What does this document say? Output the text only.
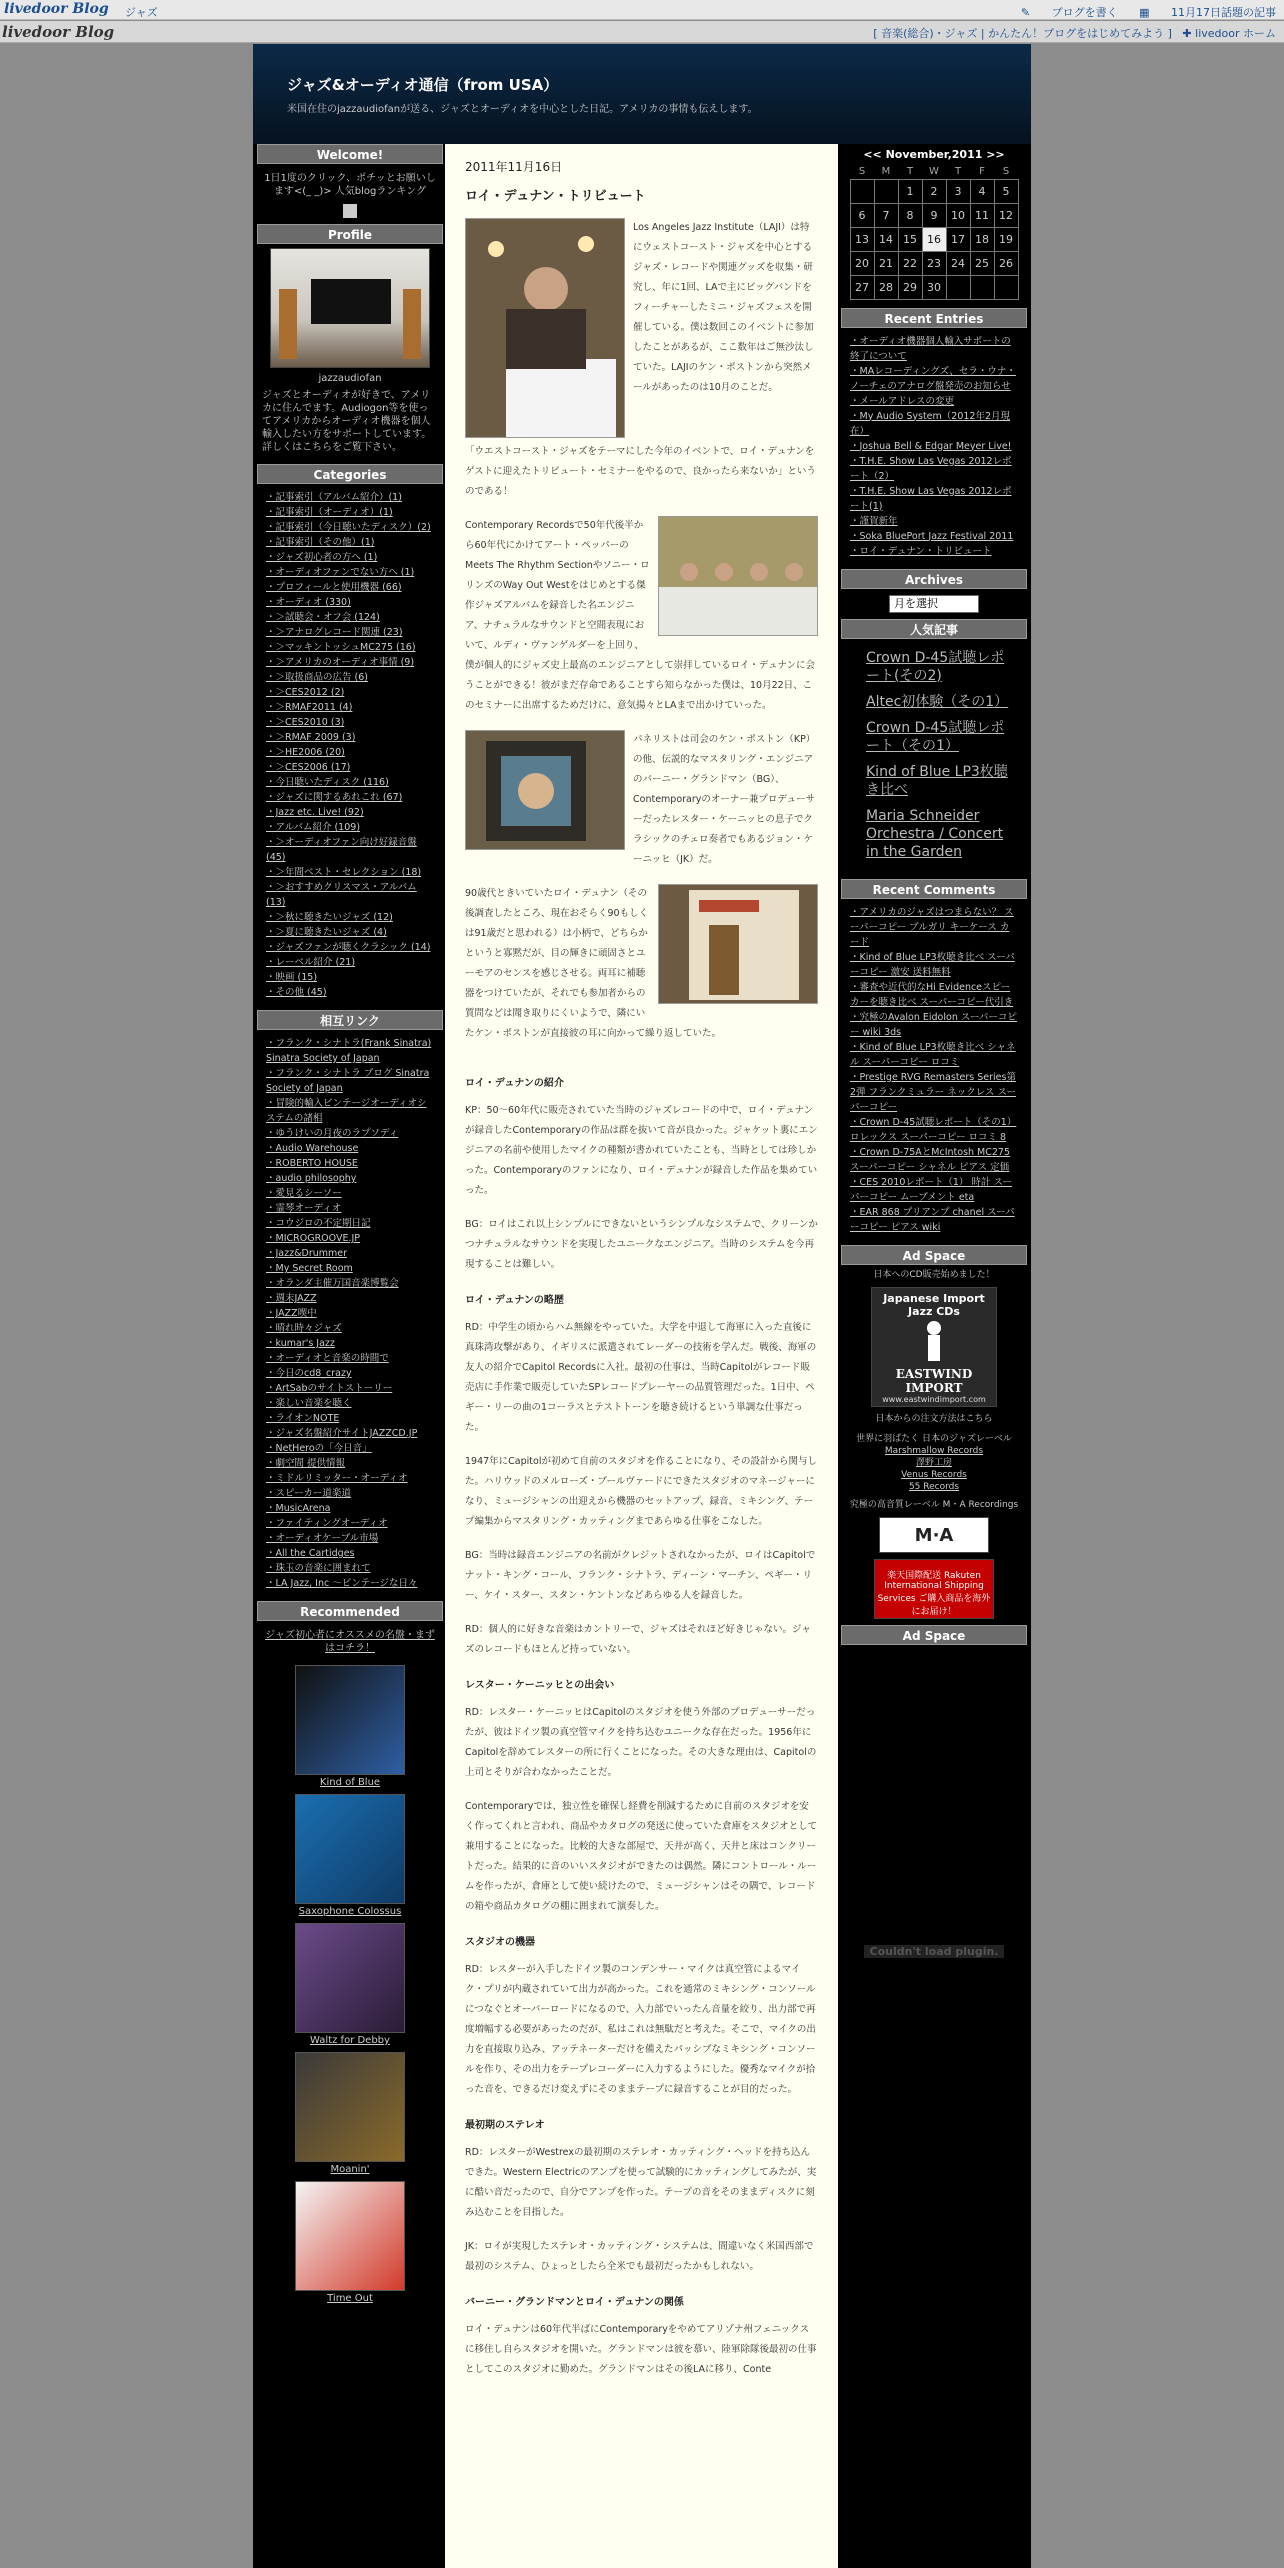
livedoor Blog ジャズ	✎ ブログを書く ▦ 11月17日話題の記事
livedoor Blog	[ 音楽(総合)・ジャズ | かんたん！ブログをはじめてみよう ] ✚ livedoor ホーム
ジャズ&オーディオ通信（from USA）
米国在住のjazzaudiofanが送る、ジャズとオーディオを中心とした日記。アメリカの事情も伝えします。
Welcome!
1日1度のクリック、ポチッとお願いします<(_ _)> 人気blogランキング
Profile
jazzaudiofan
ジャズとオーディオが好きで、アメリカに住んでます。Audiogon等を使ってアメリカからオーディオ機器を個人輸入したい方をサポートしています。詳しくはこちらをご覧下さい。
Categories
・記事索引（アルバム紹介）(1)
・記事索引（オーディオ）(1)
・記事索引（今日聴いたディスク）(2)
・記事索引（その他）(1)
・ジャズ初心者の方へ (1)
・オーディオファンでない方へ (1)
・プロフィールと使用機器 (66)
・オーディオ (330)
・＞試聴会・オフ会 (124)
・＞アナログレコード関連 (23)
・＞マッキントッシュMC275 (16)
・＞アメリカのオーディオ事情 (9)
・＞取扱商品の広告 (6)
・＞CES2012 (2)
・＞RMAF2011 (4)
・＞CES2010 (3)
・＞RMAF 2009 (3)
・＞HE2006 (20)
・＞CES2006 (17)
・今日聴いたディスク (116)
・ジャズに関するあれこれ (67)
・Jazz etc. Live! (92)
・アルバム紹介 (109)
・＞オーディオファン向け好録音盤 (45)
・＞年間ベスト・セレクション (18)
・＞おすすめクリスマス・アルバム (13)
・＞秋に聴きたいジャズ (12)
・＞夏に聴きたいジャズ (4)
・ジャズファンが聴くクラシック (14)
・レーベル紹介 (21)
・映画 (15)
・その他 (45)
相互リンク
・フランク・シナトラ(Frank Sinatra) Sinatra Society of Japan
・フランク・シナトラ ブログ Sinatra Society of Japan
・冒険的輸入ビンテージオーディオシステムの諸相
・ゆうけいの月夜のラプソディ
・Audio Warehouse
・ROBERTO HOUSE
・audio philosophy
・愛見るシーソー
・霊琴オーディオ
・コウジロの不定期日記
・MICROGROOVE.JP
・Jazz&Drummer
・My Secret Room
・オランダ主催万国音楽博覧会
・週末JAZZ
・JAZZ喫中
・晴れ時々ジャズ
・kumar's Jazz
・オーディオと音楽の時間で
・今日のcd8_crazy
・ArtSabのサイトストーリー
・楽しい音楽を聴く
・ライオンNOTE
・ジャズ名盤紹介サイトJAZZCD.JP
・NetHeroの「今日音」
・劇空間 提供情報
・ミドルリミッター・オーディオ
・スピーカー道楽道
・MusicArena
・ファイティングオーディオ
・オーディオケーブル市場
・All the Cartidges
・珠玉の音楽に囲まれて
・LA Jazz, Inc ～ビンテージな日々
Recommended
ジャズ初心者にオススメの名盤・まずはコチラ！
Kind of Blue
Saxophone Colossus
Waltz for Debby
Moanin'
Time Out
2011年11月16日
ロイ・デュナン・トリビュート
Los Angeles Jazz Institute（LAJI）は特にウェストコースト・ジャズを中心とするジャズ・レコードや関連グッズを収集・研究し、年に1回、LAで主にビッグバンドをフィーチャーしたミニ・ジャズフェスを開催している。僕は数回このイベントに参加したことがあるが、ここ数年はご無沙汰していた。LAJIのケン・ポストンから突然メールがあったのは10月のことだ。
「ウエストコースト・ジャズをテーマにした今年のイベントで、ロイ・デュナンをゲストに迎えたトリビュート・セミナーをやるので、良かったら来ないか」というのである！
Contemporary Recordsで50年代後半から60年代にかけてアート・ペッパーのMeets The Rhythm Sectionやソニー・ロリンズのWay Out Westをはじめとする傑作ジャズアルバムを録音した名エンジニア、ナチュラルなサウンドと空間表現において、ルディ・ヴァンゲルダーを上回り、僕が個人的にジャズ史上最高のエンジニアとして崇拝しているロイ・デュナンに会うことができる！彼がまだ存命であることすら知らなかった僕は、10月22日、このセミナーに出席するためだけに、意気揚々とLAまで出かけていった。
パネリストは司会のケン・ポストン（KP）の他、伝説的なマスタリング・エンジニアのバーニー・グランドマン（BG）、Contemporaryのオーナー兼プロデューサーだったレスター・ケーニッヒの息子でクラシックのチェロ奏者でもあるジョン・ケーニッヒ（JK）だ。
90歳代ときいていたロイ・デュナン（その後調査したところ、現在おそらく90もしくは91歳だと思われる）は小柄で、どちらかというと寡黙だが、目の輝きに頑固さとユーモアのセンスを感じさせる。両耳に補聴器をつけていたが、それでも参加者からの質問などは聞き取りにくいようで、隣にいたケン・ポストンが直接彼の耳に向かって繰り返していた。
ロイ・デュナンの紹介
KP：50～60年代に販売されていた当時のジャズレコードの中で、ロイ・デュナンが録音したContemporaryの作品は群を抜いて音が良かった。ジャケット裏にエンジニアの名前や使用したマイクの種類が書かれていたことも、当時としては珍しかった。Contemporaryのファンになり、ロイ・デュナンが録音した作品を集めていった。
BG：ロイはこれ以上シンプルにできないというシンプルなシステムで、クリーンかつナチュラルなサウンドを実現したユニークなエンジニア。当時のシステムを今再現することは難しい。
ロイ・デュナンの略歴
RD：中学生の頃からハム無線をやっていた。大学を中退して海軍に入った直後に真珠湾攻撃があり、イギリスに派遣されてレーダーの技術を学んだ。戦後、海軍の友人の紹介でCapitol Recordsに入社。最初の仕事は、当時Capitolがレコード販売店に手作業で販売していたSPレコードプレーヤーの品質管理だった。1日中、ペギー・リーの曲の1コーラスとテストトーンを聴き続けるという単調な仕事だった。
1947年にCapitolが初めて自前のスタジオを作ることになり、その設計から関与した。ハリウッドのメルローズ・ブールヴァードにできたスタジオのマネージャーになり、ミュージシャンの出迎えから機器のセットアップ、録音、ミキシング、テープ編集からマスタリング・カッティングまであらゆる仕事をこなした。
BG：当時は録音エンジニアの名前がクレジットされなかったが、ロイはCapitolでナット・キング・コール、フランク・シナトラ、ディーン・マーチン、ペギー・リー、ケイ・スター、スタン・ケントンなどあらゆる人を録音した。
RD：個人的に好きな音楽はカントリーで、ジャズはそれほど好きじゃない。ジャズのレコードもほとんど持っていない。
レスター・ケーニッヒとの出会い
RD：レスター・ケーニッヒはCapitolのスタジオを使う外部のプロデューサーだったが、彼はドイツ製の真空管マイクを持ち込むユニークな存在だった。1956年にCapitolを辞めてレスターの所に行くことになった。その大きな理由は、Capitolの上司とそりが合わなかったことだ。
Contemporaryでは、独立性を確保し経費を削減するために自前のスタジオを安く作ってくれと言われ、商品やカタログの発送に使っていた倉庫をスタジオとして兼用することになった。比較的大きな部屋で、天井が高く、天井と床はコンクリートだった。結果的に音のいいスタジオができたのは偶然。隣にコントロール・ルームを作ったが、倉庫として使い続けたので、ミュージシャンはその隅で、レコードの箱や商品カタログの棚に囲まれて演奏した。
スタジオの機器
RD：レスターが入手したドイツ製のコンデンサー・マイクは真空管によるマイク・プリが内蔵されていて出力が高かった。これを通常のミキシング・コンソールにつなぐとオーバーロードになるので、入力部でいったん音量を絞り、出力部で再度増幅する必要があったのだが、私はこれは無駄だと考えた。そこで、マイクの出力を直接取り込み、アッテネーターだけを備えたパッシブなミキシング・コンソールを作り、その出力をテープレコーダーに入力するようにした。優秀なマイクが拾った音を、できるだけ変えずにそのままテープに録音することが目的だった。
最初期のステレオ
RD：レスターがWestrexの最初期のステレオ・カッティング・ヘッドを持ち込んできた。Western Electricのアンプを使って試験的にカッティングしてみたが、実に酷い音だったので、自分でアンプを作った。テープの音をそのままディスクに刻み込むことを目指した。
JK：ロイが実現したステレオ・カッティング・システムは、間違いなく米国西部で最初のシステム、ひょっとしたら全米でも最初だったかもしれない。
バーニー・グランドマンとロイ・デュナンの関係
ロイ・デュナンは60年代半ばにContemporaryをやめてアリゾナ州フェニックスに移住し自らスタジオを開いた。グランドマンは彼を慕い、陸軍除隊後最初の仕事としてこのスタジオに勤めた。グランドマンはその後LAに移り、Conte
<< November,2011 >>
S	M	T	W	T	F	S
		1	2	3	4	5
6	7	8	9	10	11	12
13	14	15	16	17	18	19
20	21	22	23	24	25	26
27	28	29	30			
Recent Entries
・オーディオ機器個人輸入サポートの終了について
・MAレコーディングズ、セラ・ウナ・ノーチェのアナログ盤発売のお知らせ
・メールアドレスの変更
・My Audio System（2012年2月現在）
・Joshua Bell & Edgar Meyer Live!
・T.H.E. Show Las Vegas 2012レポート（2）
・T.H.E. Show Las Vegas 2012レポート(1)
・謹賀新年
・Soka BluePort Jazz Festival 2011
・ロイ・デュナン・トリビュート
Archives
月を選択
人気記事
Crown D-45試聴レポート(その2)
Altec初体験（その1）
Crown D-45試聴レポート（その1）
Kind of Blue LP3枚聴き比べ
Maria Schneider Orchestra / Concert in the Garden
Recent Comments
・アメリカのジャズはつまらない？ スーパーコピー ブルガリ キーケース カード
・Kind of Blue LP3枚聴き比べ スーパーコピー 激安 送料無料
・審査や近代的なHi Evidenceスピーカーを聴き比べ スーパーコピー代引き
・究極のAvalon Eidolon スーパーコピー wiki 3ds
・Kind of Blue LP3枚聴き比べ シャネル スーパーコピー ロコミ
・Prestige RVG Remasters Series第2弾 フランクミュラー ネックレス スーパーコピー
・Crown D-45試聴レポート（その1） ロレックス スーパーコピー ロコミ 8
・Crown D-75AとMcIntosh MC275 スーパーコピー シャネル ピアス 定価
・CES 2010レポート（1） 時計 スーパーコピー ムーブメント eta
・EAR 868 プリアンプ chanel スーパーコピー ピアス wiki
Ad Space
日本へのCD販売始めました！
Japanese Import Jazz CDs
EASTWIND IMPORT
www.eastwindimport.com
日本からの注文方法はこちら
世界に羽ばたく 日本のジャズレーベル
Marshmallow Records
澤野工房
Venus Records
55 Records
究極の高音質レーベル M・A Recordings
M·A
楽天国際配送 Rakuten International Shipping Services ご購入商品を海外にお届け！
Ad Space
Couldn't load plugin.
